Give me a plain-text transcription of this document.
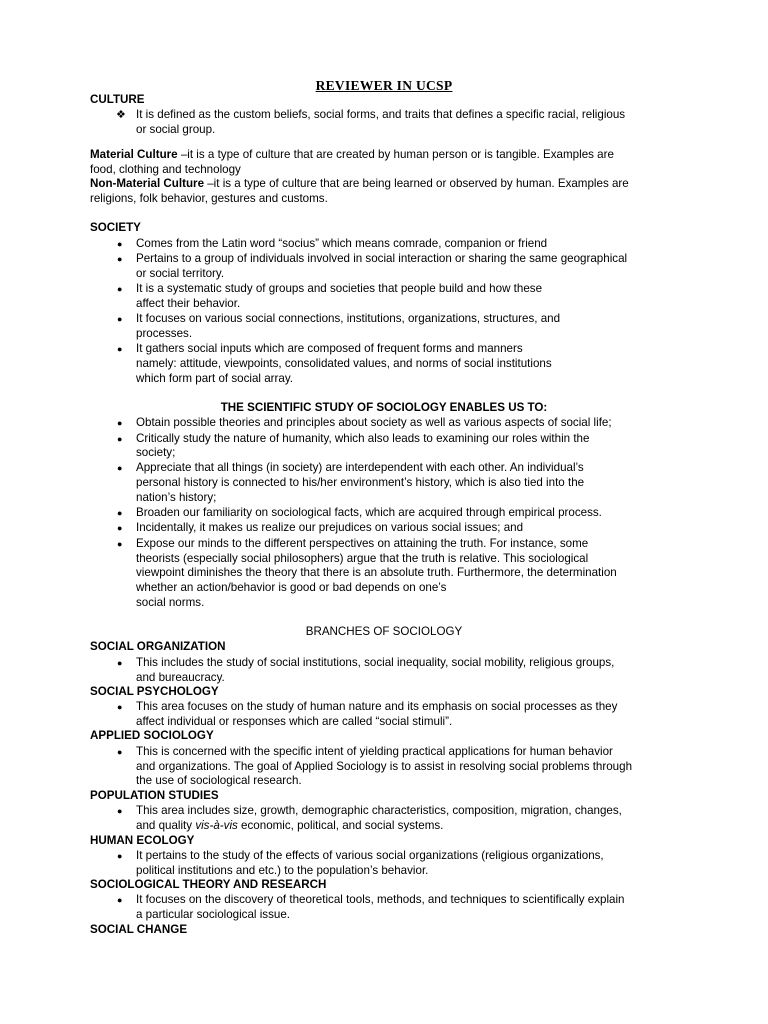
REVIEWER IN UCSP
CULTURE
❖ It is defined as the custom beliefs, social forms, and traits that defines a specific racial, religious
or social group.
Material Culture –it is a type of culture that are created by human person or is tangible. Examples are
food, clothing and technology
Non-Material Culture –it is a type of culture that are being learned or observed by human. Examples are
religions, folk behavior, gestures and customs.
SOCIETY
● Comes from the Latin word “socius” which means comrade, companion or friend
● Pertains to a group of individuals involved in social interaction or sharing the same geographical
or social territory.
● It is a systematic study of groups and societies that people build and how these
affect their behavior.
● It focuses on various social connections, institutions, organizations, structures, and
processes.
● It gathers social inputs which are composed of frequent forms and manners
namely: attitude, viewpoints, consolidated values, and norms of social institutions
which form part of social array.
THE SCIENTIFIC STUDY OF SOCIOLOGY ENABLES US TO:
● Obtain possible theories and principles about society as well as various aspects of social life;
● Critically study the nature of humanity, which also leads to examining our roles within the
society;
● Appreciate that all things (in society) are interdependent with each other. An individual’s
personal history is connected to his/her environment’s history, which is also tied into the
nation’s history;
● Broaden our familiarity on sociological facts, which are acquired through empirical process.
● Incidentally, it makes us realize our prejudices on various social issues; and
● Expose our minds to the different perspectives on attaining the truth. For instance, some
theorists (especially social philosophers) argue that the truth is relative. This sociological
viewpoint diminishes the theory that there is an absolute truth. Furthermore, the determination
whether an action/behavior is good or bad depends on one’s
social norms.
BRANCHES OF SOCIOLOGY
SOCIAL ORGANIZATION
● This includes the study of social institutions, social inequality, social mobility, religious groups,
and bureaucracy.
SOCIAL PSYCHOLOGY
● This area focuses on the study of human nature and its emphasis on social processes as they
affect individual or responses which are called “social stimuli”.
APPLIED SOCIOLOGY
● This is concerned with the specific intent of yielding practical applications for human behavior
and organizations. The goal of Applied Sociology is to assist in resolving social problems through
the use of sociological research.
POPULATION STUDIES
● This area includes size, growth, demographic characteristics, composition, migration, changes,
and quality vis-à-vis economic, political, and social systems.
HUMAN ECOLOGY
● It pertains to the study of the effects of various social organizations (religious organizations,
political institutions and etc.) to the population’s behavior.
SOCIOLOGICAL THEORY AND RESEARCH
● It focuses on the discovery of theoretical tools, methods, and techniques to scientifically explain
a particular sociological issue.
SOCIAL CHANGE
